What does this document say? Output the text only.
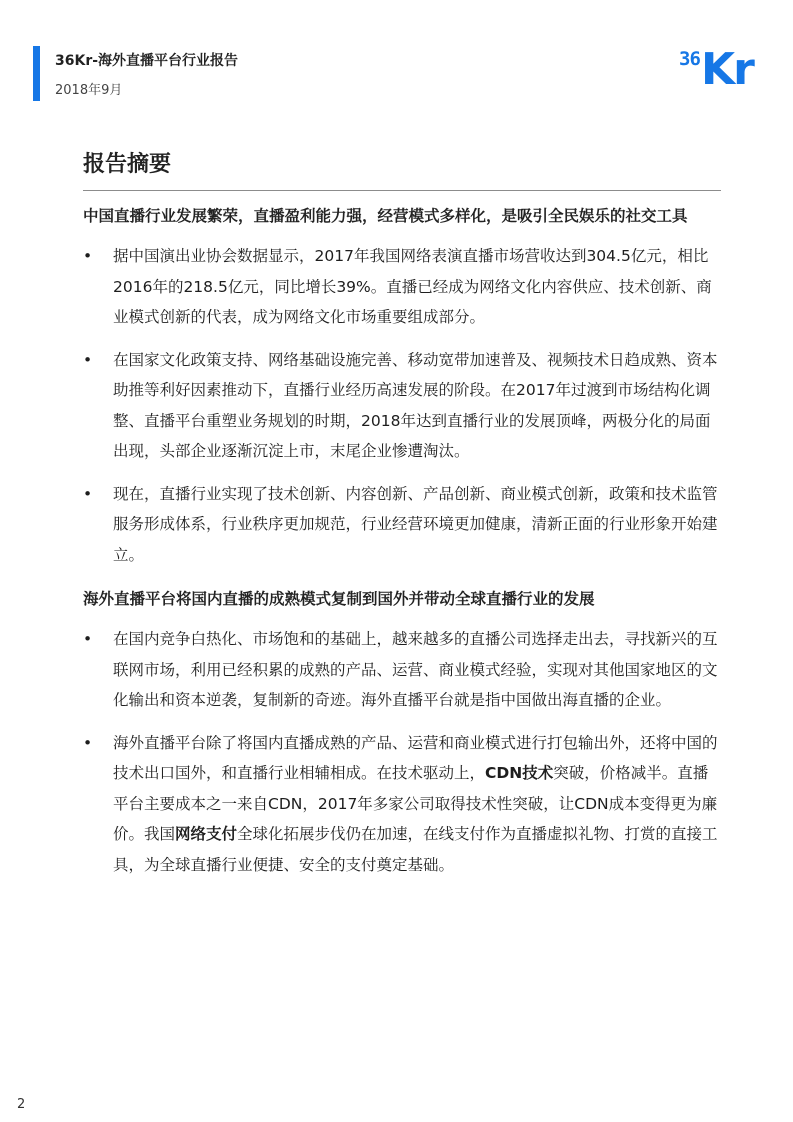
36Kr-海外直播平台行业报告
2018年9月
36 Kr
报告摘要
中国直播行业发展繁荣，直播盈利能力强，经营模式多样化，是吸引全民娱乐的社交工具
• 据中国演出业协会数据显示，2017年我国网络表演直播市场营收达到304.5亿元，相比2016年的218.5亿元，同比增长39%。直播已经成为网络文化内容供应、技术创新、商业模式创新的代表，成为网络文化市场重要组成部分。
• 在国家文化政策支持、网络基础设施完善、移动宽带加速普及、视频技术日趋成熟、资本助推等利好因素推动下，直播行业经历高速发展的阶段。在2017年过渡到市场结构化调整、直播平台重塑业务规划的时期，2018年达到直播行业的发展顶峰，两极分化的局面出现，头部企业逐渐沉淀上市，末尾企业惨遭淘汰。
• 现在，直播行业实现了技术创新、内容创新、产品创新、商业模式创新，政策和技术监管服务形成体系，行业秩序更加规范，行业经营环境更加健康，清新正面的行业形象开始建立。
海外直播平台将国内直播的成熟模式复制到国外并带动全球直播行业的发展
• 在国内竞争白热化、市场饱和的基础上，越来越多的直播公司选择走出去，寻找新兴的互联网市场，利用已经积累的成熟的产品、运营、商业模式经验，实现对其他国家地区的文化输出和资本逆袭，复制新的奇迹。海外直播平台就是指中国做出海直播的企业。
• 海外直播平台除了将国内直播成熟的产品、运营和商业模式进行打包输出外，还将中国的技术出口国外，和直播行业相辅相成。在技术驱动上，CDN技术突破，价格减半。直播平台主要成本之一来自CDN，2017年多家公司取得技术性突破，让CDN成本变得更为廉价。我国网络支付全球化拓展步伐仍在加速，在线支付作为直播虚拟礼物、打赏的直接工具，为全球直播行业便捷、安全的支付奠定基础。
2
